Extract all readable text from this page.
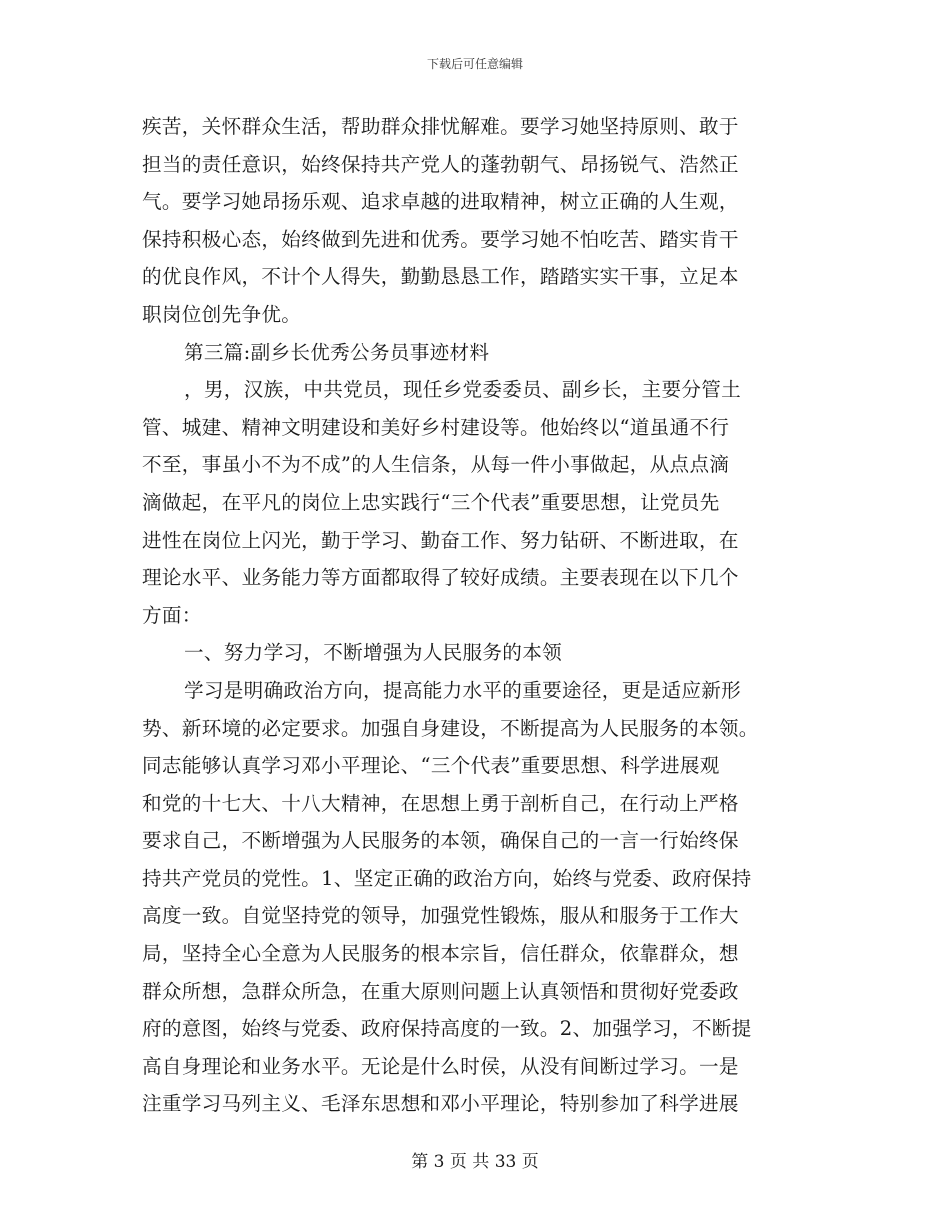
下载后可任意编辑
疾苦，关怀群众生活，帮助群众排忧解难。要学习她坚持原则、敢于
担当的责任意识，始终保持共产党人的蓬勃朝气、昂扬锐气、浩然正
气。要学习她昂扬乐观、追求卓越的进取精神，树立正确的人生观，
保持积极心态，始终做到先进和优秀。要学习她不怕吃苦、踏实肯干
的优良作风，不计个人得失，勤勤恳恳工作，踏踏实实干事，立足本
职岗位创先争优。
第三篇:副乡长优秀公务员事迹材料
，男，汉族，中共党员，现任乡党委委员、副乡长，主要分管土
管、城建、精神文明建设和美好乡村建设等。他始终以“道虽通不行
不至，事虽小不为不成”的人生信条，从每一件小事做起，从点点滴
滴做起，在平凡的岗位上忠实践行“三个代表”重要思想，让党员先
进性在岗位上闪光，勤于学习、勤奋工作、努力钻研、不断进取，在
理论水平、业务能力等方面都取得了较好成绩。主要表现在以下几个
方面：
一、努力学习，不断增强为人民服务的本领
学习是明确政治方向，提高能力水平的重要途径，更是适应新形
势、新环境的必定要求。加强自身建设，不断提高为人民服务的本领。
同志能够认真学习邓小平理论、“三个代表”重要思想、科学进展观
和党的十七大、十八大精神，在思想上勇于剖析自己，在行动上严格
要求自己，不断增强为人民服务的本领，确保自己的一言一行始终保
持共产党员的党性。1、坚定正确的政治方向，始终与党委、政府保持
高度一致。自觉坚持党的领导，加强党性锻炼，服从和服务于工作大
局，坚持全心全意为人民服务的根本宗旨，信任群众，依靠群众，想
群众所想，急群众所急，在重大原则问题上认真领悟和贯彻好党委政
府的意图，始终与党委、政府保持高度的一致。2、加强学习，不断提
高自身理论和业务水平。无论是什么时侯，从没有间断过学习。一是
注重学习马列主义、毛泽东思想和邓小平理论，特别参加了科学进展
第 3 页 共 33 页
